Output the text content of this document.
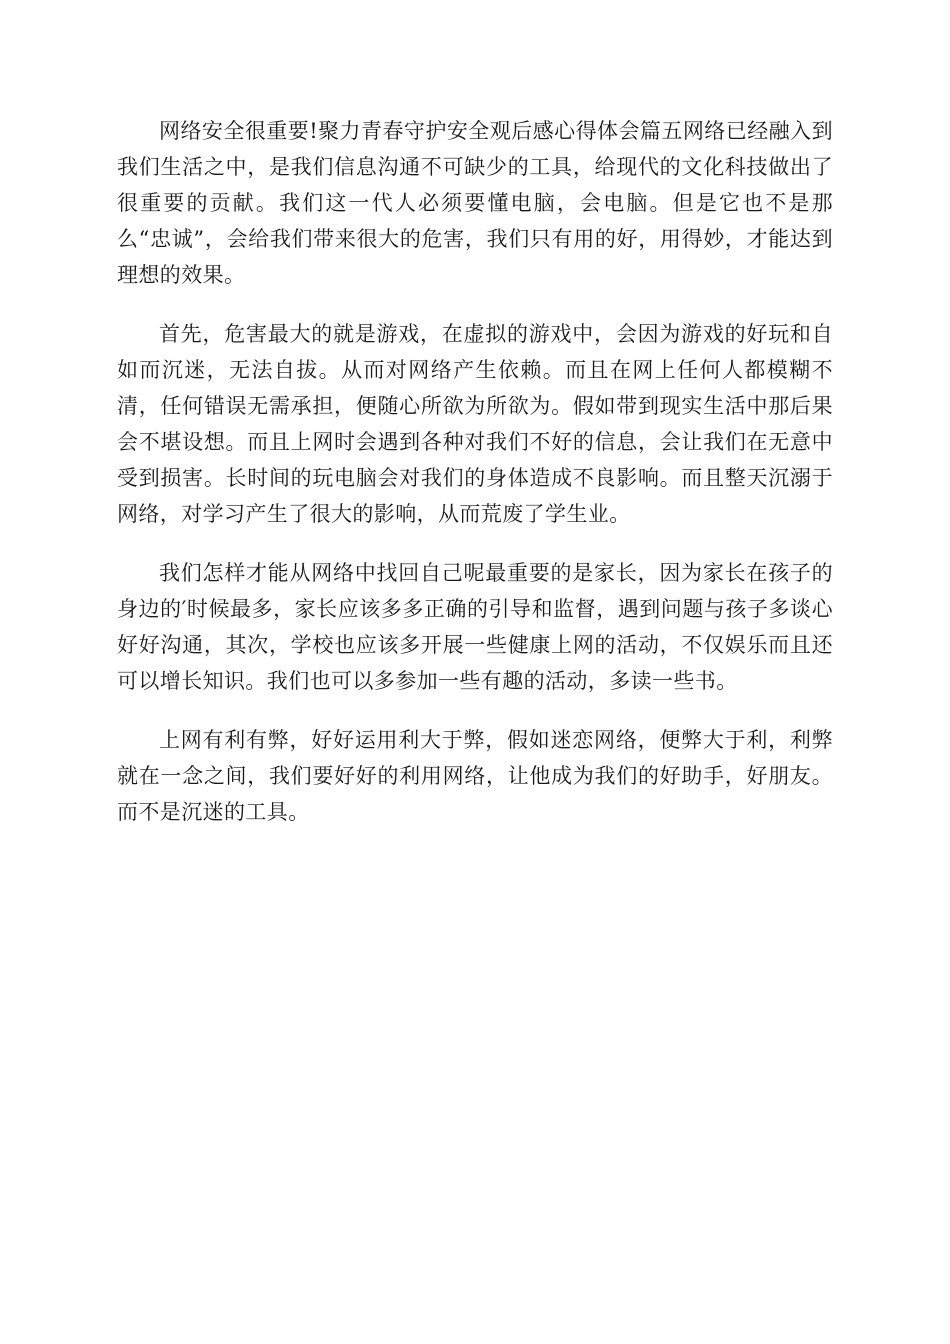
网络安全很重要!聚力青春守护安全观后感心得体会篇五网络已经融入到我们生活之中，是我们信息沟通不可缺少的工具，给现代的文化科技做出了很重要的贡献。我们这一代人必须要懂电脑，会电脑。但是它也不是那么“忠诚”，会给我们带来很大的危害，我们只有用的好，用得妙，才能达到理想的效果。

首先，危害最大的就是游戏，在虚拟的游戏中，会因为游戏的好玩和自如而沉迷，无法自拔。从而对网络产生依赖。而且在网上任何人都模糊不清，任何错误无需承担，便随心所欲为所欲为。假如带到现实生活中那后果会不堪设想。而且上网时会遇到各种对我们不好的信息，会让我们在无意中受到损害。长时间的玩电脑会对我们的身体造成不良影响。而且整天沉溺于网络，对学习产生了很大的影响，从而荒废了学生业。

我们怎样才能从网络中找回自己呢最重要的是家长，因为家长在孩子的身边的′时候最多，家长应该多多正确的引导和监督，遇到问题与孩子多谈心好好沟通，其次，学校也应该多开展一些健康上网的活动，不仅娱乐而且还可以增长知识。我们也可以多参加一些有趣的活动，多读一些书。

上网有利有弊，好好运用利大于弊，假如迷恋网络，便弊大于利，利弊就在一念之间，我们要好好的利用网络，让他成为我们的好助手，好朋友。而不是沉迷的工具。
